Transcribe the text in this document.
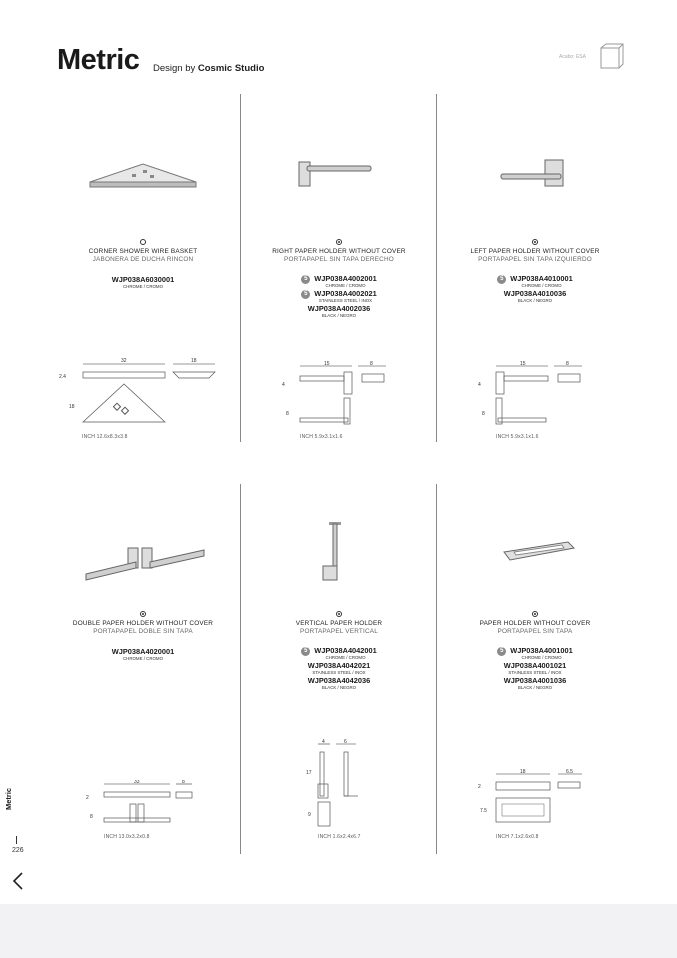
Metric Design by Cosmic Studio
Acabo: ESA
CORNER SHOWER WIRE BASKET
JABONERA DE DUCHA RINCON
WJP038A6030001
CHROME / CROMO
RIGHT PAPER HOLDER WITHOUT COVER
PORTAPAPEL SIN TAPA DERECHO
5 WJP038A4002001
CHROME / CROMO
5 WJP038A4002021
STAINLESS STEEL / INOX
WJP038A4002036
BLACK / NEGRO
LEFT PAPER HOLDER WITHOUT COVER
PORTAPAPEL SIN TAPA IZQUIERDO
5 WJP038A4010001
CHROME / CROMO
WJP038A4010036
BLACK / NEGRO
DOUBLE PAPER HOLDER WITHOUT COVER
PORTAPAPEL DOBLE SIN TAPA
WJP038A4020001
CHROME / CROMO
VERTICAL PAPER HOLDER
PORTAPAPEL VERTICAL
5 WJP038A4042001
CHROME / CROMO
WJP038A4042021
STAINLESS STEEL / INOX
WJP038A4042036
BLACK / NEGRO
PAPER HOLDER WITHOUT COVER
PORTAPAPEL SIN TAPA
5 WJP038A4001001
CHROME / CROMO
WJP038A4001021
STAINLESS STEEL / INOX
WJP038A4001036
BLACK / NEGRO
32	18
2.4
18
INCH 12.6x8.3x3.8
15	8
4
8
INCH 5.9x3.1x1.6
15	8
4
8
INCH 5.9x3.1x1.6
33	8
2
8
INCH 13.0x3.2x0.8
4	6
17
9
INCH 1.6x2.4x6.7
18	6.5
2
7.5
INCH 7.1x2.6x0.8
Metric
226
